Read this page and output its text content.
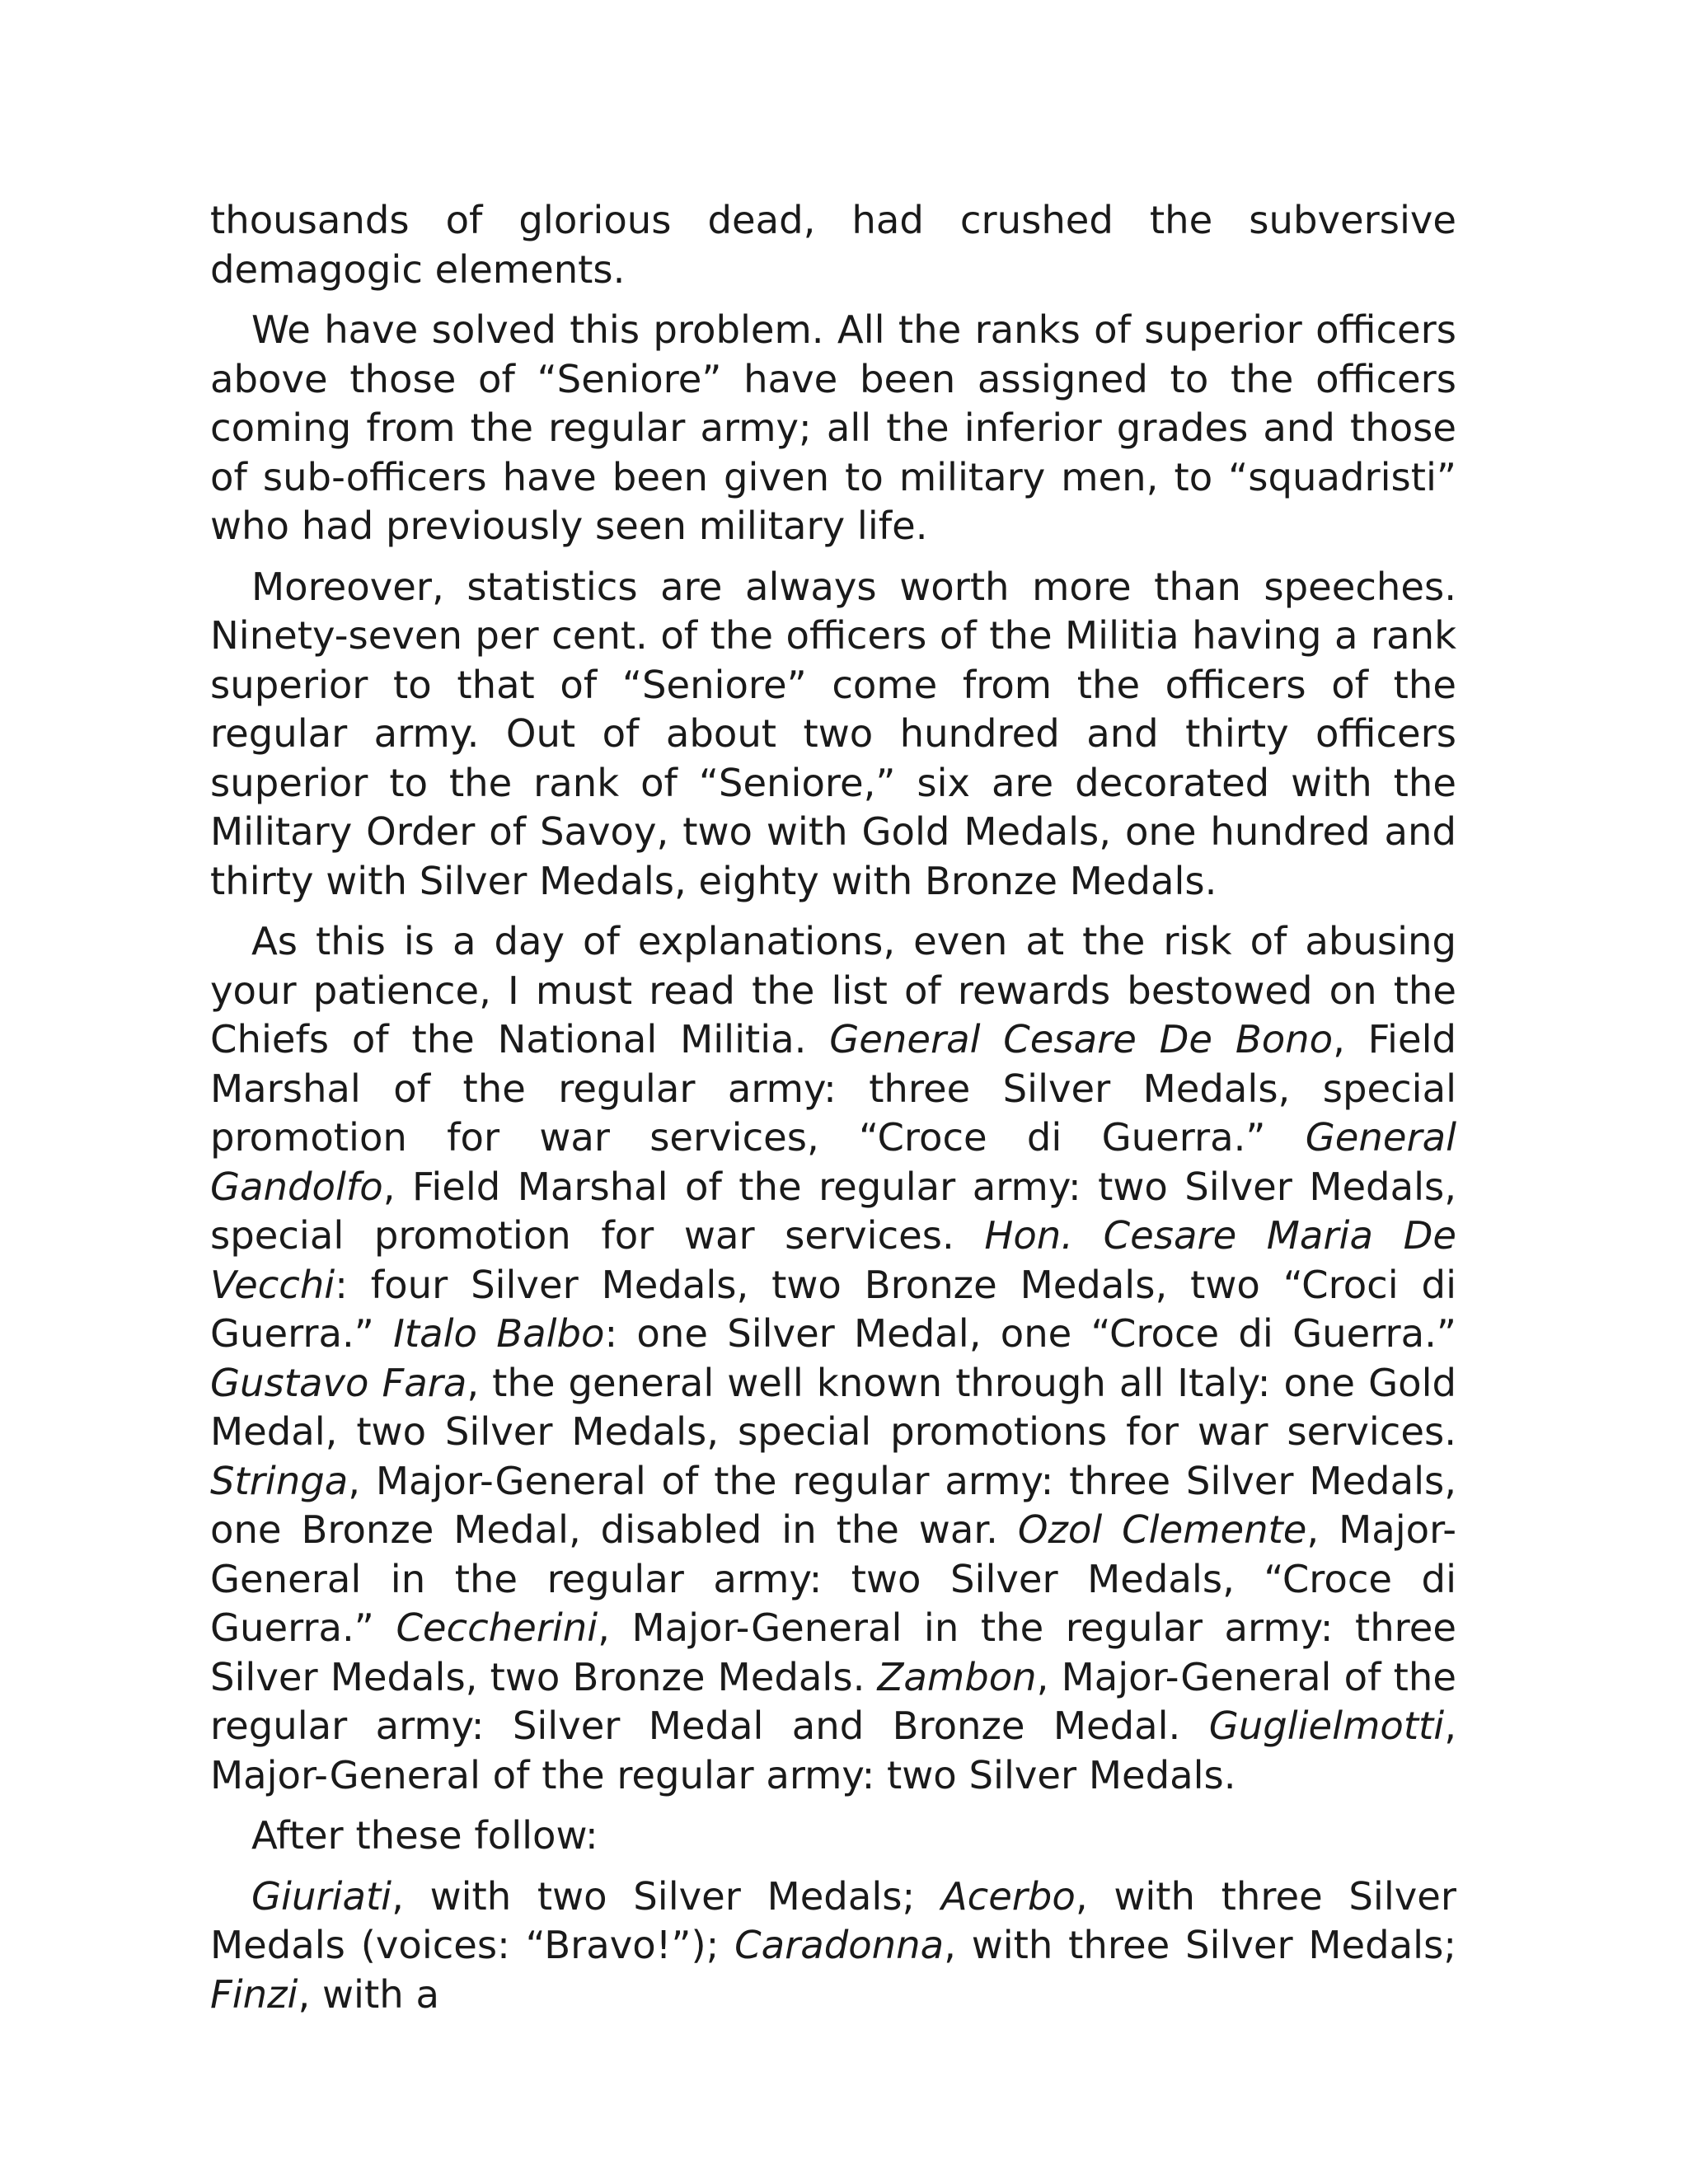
thousands of glorious dead, had crushed the subversive demagogic elements.

We have solved this problem. All the ranks of superior officers above those of “Seniore” have been assigned to the officers coming from the regular army; all the inferior grades and those of sub-officers have been given to military men, to “squadristi” who had previously seen military life.

Moreover, statistics are always worth more than speeches. Ninety-seven per cent. of the officers of the Militia having a rank superior to that of “Seniore” come from the officers of the regular army. Out of about two hundred and thirty officers superior to the rank of “Seniore,” six are decorated with the Military Order of Savoy, two with Gold Medals, one hundred and thirty with Silver Medals, eighty with Bronze Medals.

As this is a day of explanations, even at the risk of abusing your patience, I must read the list of rewards bestowed on the Chiefs of the National Militia. General Cesare De Bono, Field Marshal of the regular army: three Silver Medals, special promotion for war services, “Croce di Guerra.” General Gandolfo, Field Marshal of the regular army: two Silver Medals, special promotion for war services. Hon. Cesare Maria De Vecchi: four Silver Medals, two Bronze Medals, two “Croci di Guerra.” Italo Balbo: one Silver Medal, one “Croce di Guerra.” Gustavo Fara, the general well known through all Italy: one Gold Medal, two Silver Medals, special promotions for war services. Stringa, Major-General of the regular army: three Silver Medals, one Bronze Medal, disabled in the war. Ozol Clemente, Major-General in the regular army: two Silver Medals, “Croce di Guerra.” Ceccherini, Major-General in the regular army: three Silver Medals, two Bronze Medals. Zambon, Major-General of the regular army: Silver Medal and Bronze Medal. Guglielmotti, Major-General of the regular army: two Silver Medals.

After these follow:

Giuriati, with two Silver Medals; Acerbo, with three Silver Medals (voices: “Bravo!”); Caradonna, with three Silver Medals; Finzi, with a
